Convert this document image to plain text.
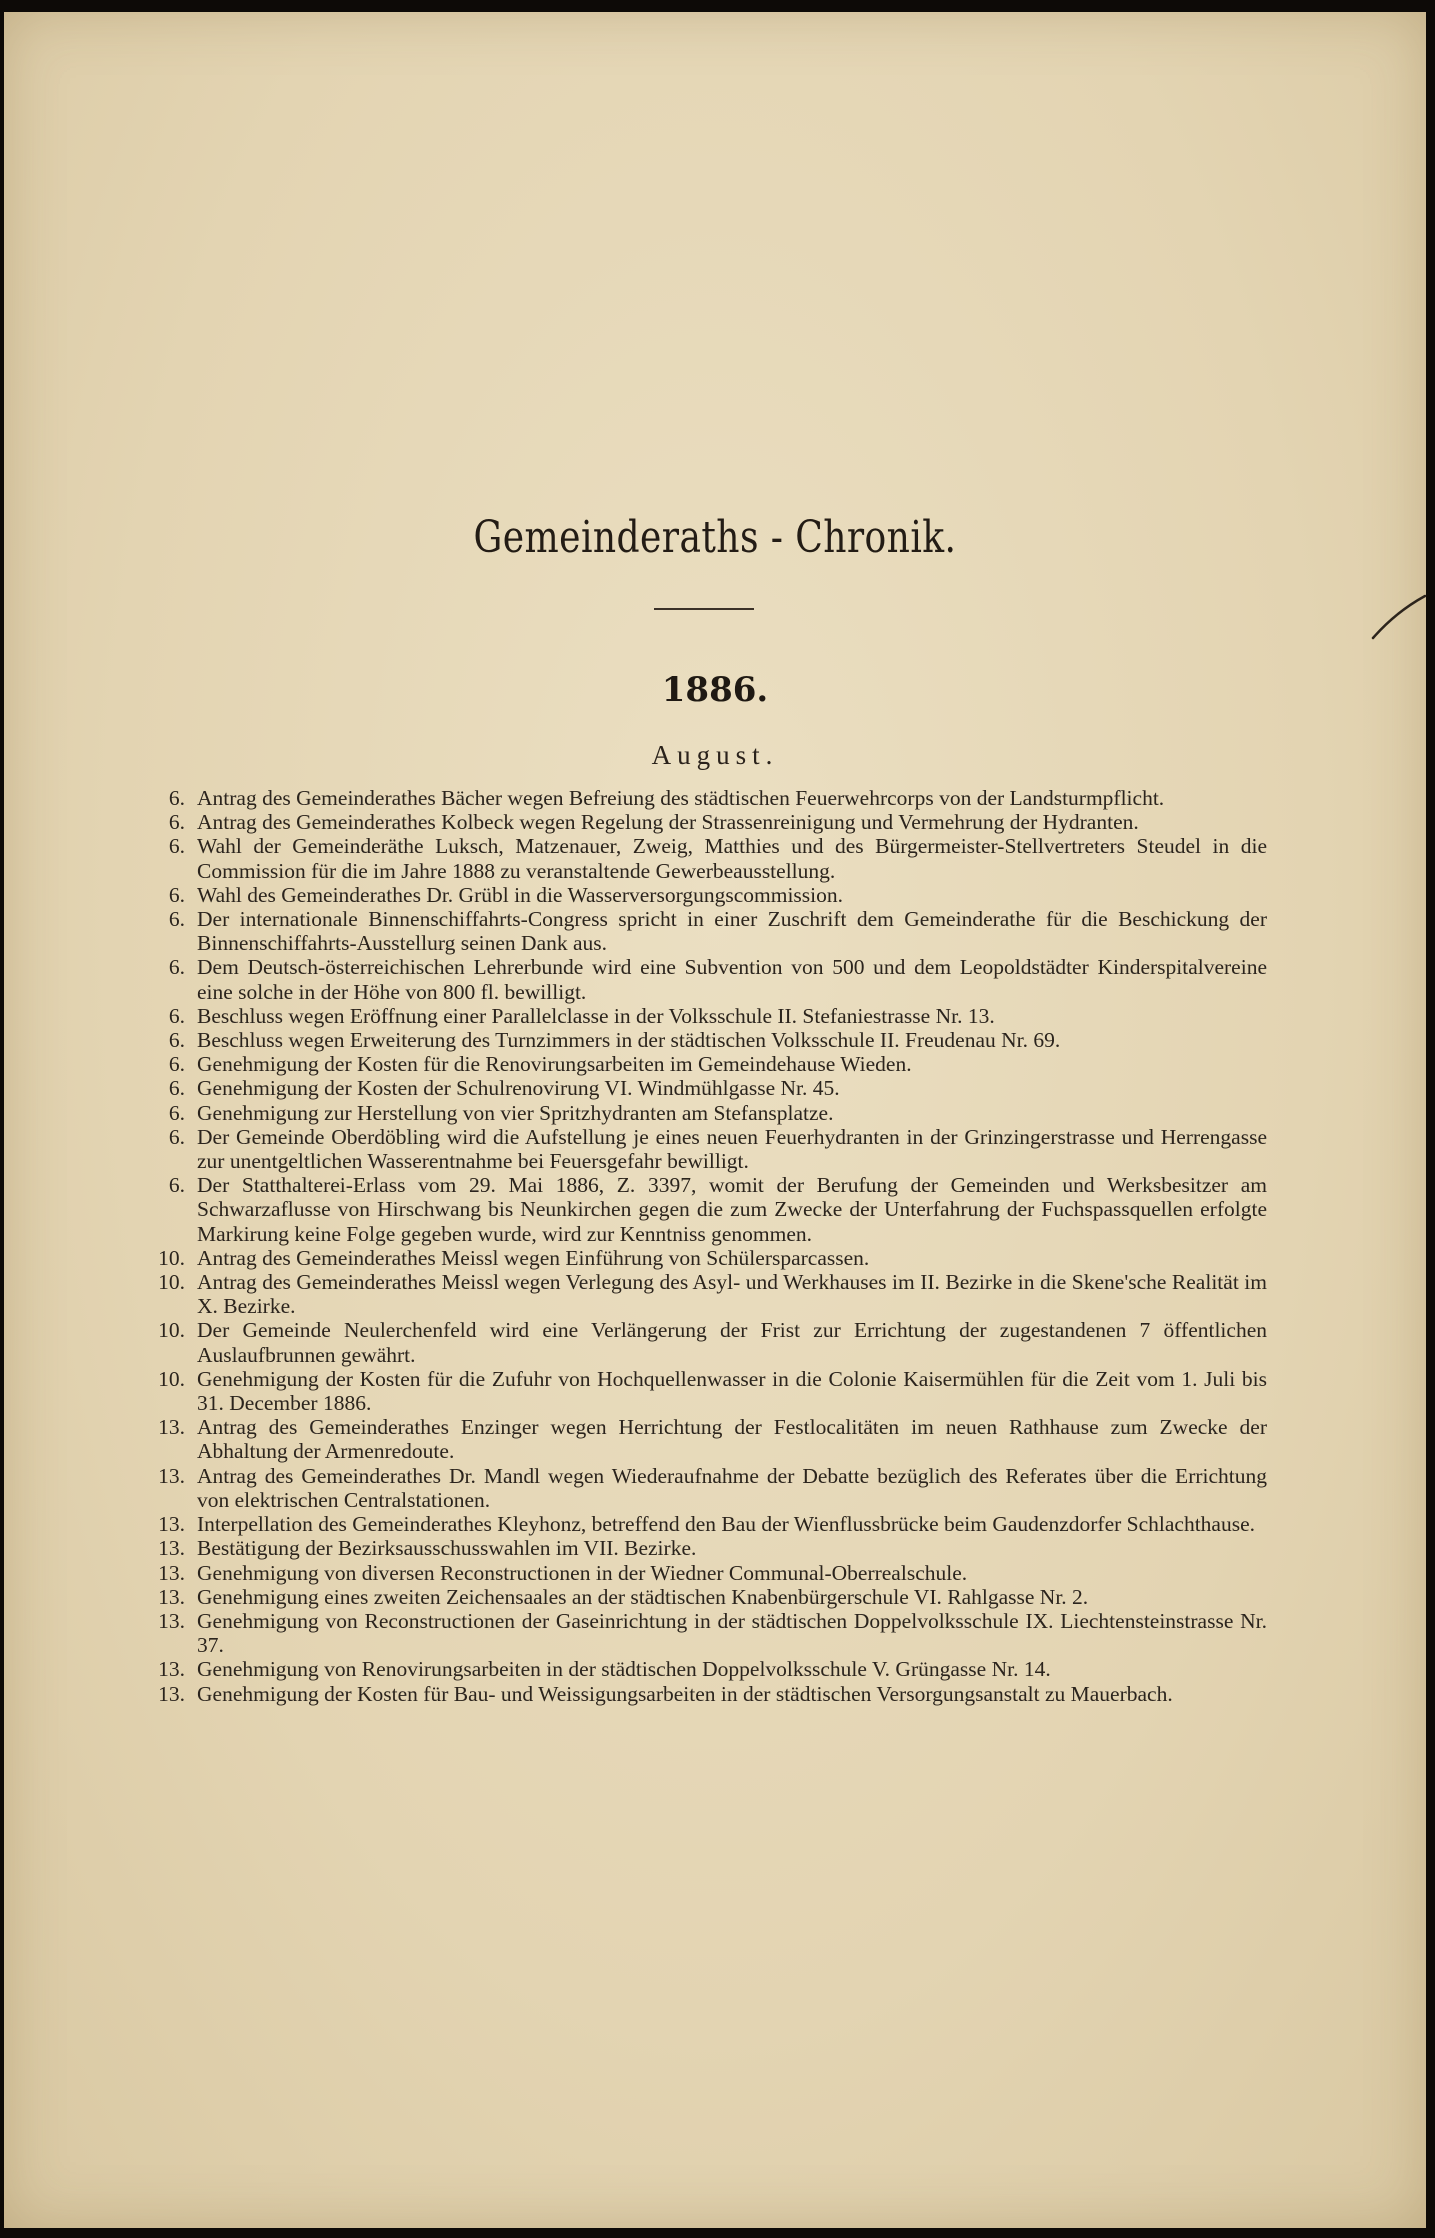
Gemeinderaths - Chronik.
1886.
August.
6. Antrag des Gemeinderathes Bächer wegen Befreiung des städtischen Feuerwehrcorps von der Landsturmpflicht.
6. Antrag des Gemeinderathes Kolbeck wegen Regelung der Strassenreinigung und Vermehrung der Hydranten.
6. Wahl der Gemeinderäthe Luksch, Matzenauer, Zweig, Matthies und des Bürgermeister-Stellvertreters Steudel in die Commission für die im Jahre 1888 zu veranstaltende Gewerbeausstellung.
6. Wahl des Gemeinderathes Dr. Grübl in die Wasserversorgungscommission.
6. Der internationale Binnenschiffahrts-Congress spricht in einer Zuschrift dem Gemeinderathe für die Beschickung der Binnenschiffahrts-Ausstellurg seinen Dank aus.
6. Dem Deutsch-österreichischen Lehrerbunde wird eine Subvention von 500 und dem Leopoldstädter Kinderspitalvereine eine solche in der Höhe von 800 fl. bewilligt.
6. Beschluss wegen Eröffnung einer Parallelclasse in der Volksschule II. Stefaniestrasse Nr. 13.
6. Beschluss wegen Erweiterung des Turnzimmers in der städtischen Volksschule II. Freudenau Nr. 69.
6. Genehmigung der Kosten für die Renovirungsarbeiten im Gemeindehause Wieden.
6. Genehmigung der Kosten der Schulrenovirung VI. Windmühlgasse Nr. 45.
6. Genehmigung zur Herstellung von vier Spritzhydranten am Stefansplatze.
6. Der Gemeinde Oberdöbling wird die Aufstellung je eines neuen Feuerhydranten in der Grinzingerstrasse und Herrengasse zur unentgeltlichen Wasserentnahme bei Feuersgefahr bewilligt.
6. Der Statthalterei-Erlass vom 29. Mai 1886, Z. 3397, womit der Berufung der Gemeinden und Werksbesitzer am Schwarzaflusse von Hirschwang bis Neunkirchen gegen die zum Zwecke der Unterfahrung der Fuchspassquellen erfolgte Markirung keine Folge gegeben wurde, wird zur Kenntniss genommen.
10. Antrag des Gemeinderathes Meissl wegen Einführung von Schülersparcassen.
10. Antrag des Gemeinderathes Meissl wegen Verlegung des Asyl- und Werkhauses im II. Bezirke in die Skene'sche Realität im X. Bezirke.
10. Der Gemeinde Neulerchenfeld wird eine Verlängerung der Frist zur Errichtung der zugestandenen 7 öffentlichen Auslaufbrunnen gewährt.
10. Genehmigung der Kosten für die Zufuhr von Hochquellenwasser in die Colonie Kaisermühlen für die Zeit vom 1. Juli bis 31. December 1886.
13. Antrag des Gemeinderathes Enzinger wegen Herrichtung der Festlocalitäten im neuen Rathhause zum Zwecke der Abhaltung der Armenredoute.
13. Antrag des Gemeinderathes Dr. Mandl wegen Wiederaufnahme der Debatte bezüglich des Referates über die Errichtung von elektrischen Centralstationen.
13. Interpellation des Gemeinderathes Kleyhonz, betreffend den Bau der Wienflussbrücke beim Gaudenzdorfer Schlachthause.
13. Bestätigung der Bezirksausschusswahlen im VII. Bezirke.
13. Genehmigung von diversen Reconstructionen in der Wiedner Communal-Oberrealschule.
13. Genehmigung eines zweiten Zeichensaales an der städtischen Knabenbürgerschule VI. Rahlgasse Nr. 2.
13. Genehmigung von Reconstructionen der Gaseinrichtung in der städtischen Doppelvolksschule IX. Liechtensteinstrasse Nr. 37.
13. Genehmigung von Renovirungsarbeiten in der städtischen Doppelvolksschule V. Grüngasse Nr. 14.
13. Genehmigung der Kosten für Bau- und Weissigungsarbeiten in der städtischen Versorgungsanstalt zu Mauerbach.
